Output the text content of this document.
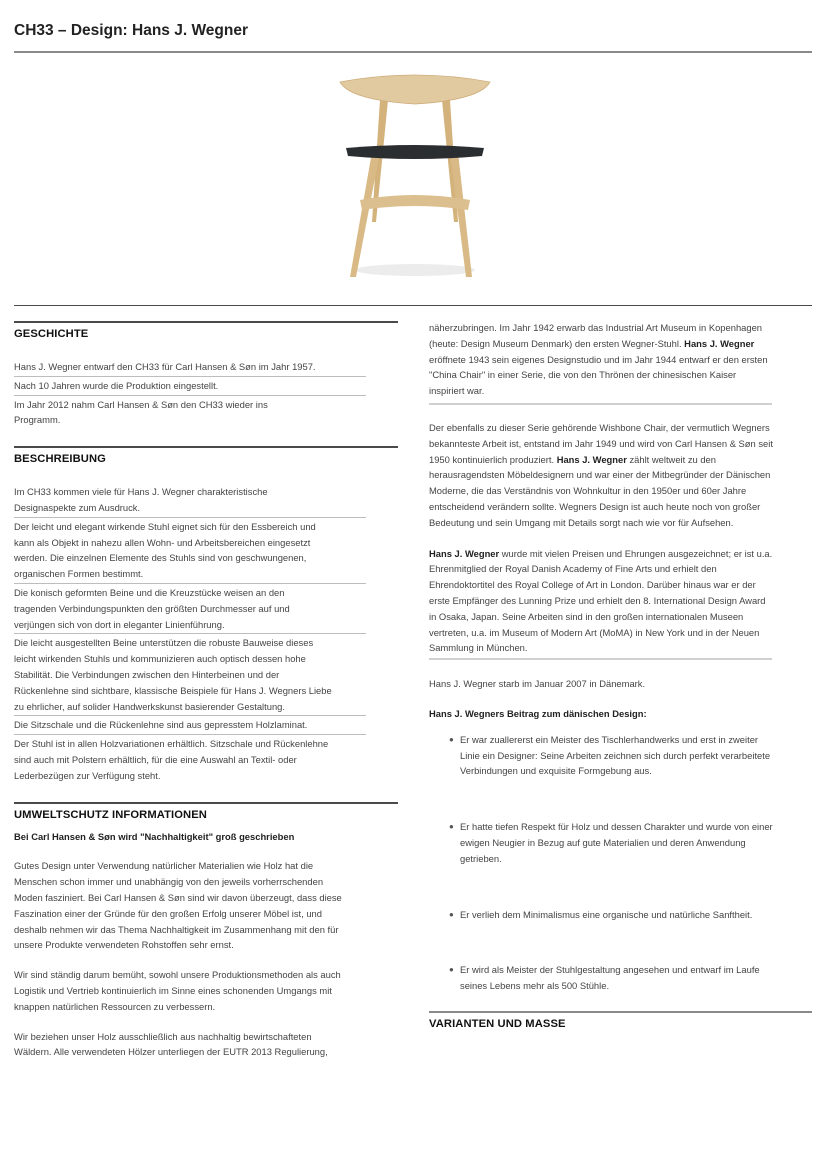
CH33 – Design: Hans J. Wegner
GESCHICHTE

Hans J. Wegner entwarf den CH33 für Carl Hansen & Søn im Jahr 1957.

Nach 10 Jahren wurde die Produktion eingestellt.

Im Jahr 2012 nahm Carl Hansen & Søn den CH33 wieder ins Programm.

BESCHREIBUNG

Im CH33 kommen viele für Hans J. Wegner charakteristische Designaspekte zum Ausdruck.

Der leicht und elegant wirkende Stuhl eignet sich für den Essbereich und kann als Objekt in nahezu allen Wohn- und Arbeitsbereichen eingesetzt werden. Die einzelnen Elemente des Stuhls sind von geschwungenen, organischen Formen bestimmt.

Die konisch geformten Beine und die Kreuzstücke weisen an den tragenden Verbindungspunkten den größten Durchmesser auf und verjüngen sich von dort in eleganter Linienführung.

Die leicht ausgestellten Beine unterstützen die robuste Bauweise dieses leicht wirkenden Stuhls und kommunizieren auch optisch dessen hohe Stabilität. Die Verbindungen zwischen den Hinterbeinen und der Rückenlehne sind sichtbare, klassische Beispiele für Hans J. Wegners Liebe zu ehrlicher, auf solider Handwerkskunst basierender Gestaltung.

Die Sitzschale und die Rückenlehne sind aus gepresstem Holzlaminat.

Der Stuhl ist in allen Holzvariationen erhältlich. Sitzschale und Rückenlehne sind auch mit Polstern erhältlich, für die eine Auswahl an Textil- oder Lederbezügen zur Verfügung steht.

UMWELTSCHUTZ INFORMATIONEN

Bei Carl Hansen & Søn wird "Nachhaltigkeit" groß geschrieben

Gutes Design unter Verwendung natürlicher Materialien wie Holz hat die Menschen schon immer und unabhängig von den jeweils vorherrschenden Moden fasziniert. Bei Carl Hansen & Søn sind wir davon überzeugt, dass diese Faszination einer der Gründe für den großen Erfolg unserer Möbel ist, und deshalb nehmen wir das Thema Nachhaltigkeit im Zusammenhang mit den für unsere Produkte verwendeten Rohstoffen sehr ernst.

Wir sind ständig darum bemüht, sowohl unsere Produktionsmethoden als auch Logistik und Vertrieb kontinuierlich im Sinne eines schonenden Umgangs mit knappen natürlichen Ressourcen zu verbessern.

Wir beziehen unser Holz ausschließlich aus nachhaltig bewirtschafteten Wäldern. Alle verwendeten Hölzer unterliegen der EUTR 2013 Regulierung,

näherzubringen. Im Jahr 1942 erwarb das Industrial Art Museum in Kopenhagen (heute: Design Museum Denmark) den ersten Wegner-Stuhl. Hans J. Wegner eröffnete 1943 sein eigenes Designstudio und im Jahr 1944 entwarf er den ersten "China Chair" in einer Serie, die von den Thrönen der chinesischen Kaiser inspiriert war.

Der ebenfalls zu dieser Serie gehörende Wishbone Chair, der vermutlich Wegners bekannteste Arbeit ist, entstand im Jahr 1949 und wird von Carl Hansen & Søn seit 1950 kontinuierlich produziert. Hans J. Wegner zählt weltweit zu den herausragendsten Möbeldesignern und war einer der Mitbegründer der Dänischen Moderne, die das Verständnis von Wohnkultur in den 1950er und 60er Jahre entscheidend verändern sollte. Wegners Design ist auch heute noch von großer Bedeutung und sein Umgang mit Details sorgt nach wie vor für Aufsehen.

Hans J. Wegner wurde mit vielen Preisen und Ehrungen ausgezeichnet; er ist u.a. Ehrenmitglied der Royal Danish Academy of Fine Arts und erhielt den Ehrendoktortitel des Royal College of Art in London. Darüber hinaus war er der erste Empfänger des Lunning Prize und erhielt den 8. International Design Award in Osaka, Japan. Seine Arbeiten sind in den großen internationalen Museen vertreten, u.a. im Museum of Modern Art (MoMA) in New York und in der Neuen Sammlung in München.

Hans J. Wegner starb im Januar 2007 in Dänemark.

Hans J. Wegners Beitrag zum dänischen Design:

● Er war zuallererst ein Meister des Tischlerhandwerks und erst in zweiter Linie ein Designer: Seine Arbeiten zeichnen sich durch perfekt verarbeitete Verbindungen und exquisite Formgebung aus.
● Er hatte tiefen Respekt für Holz und dessen Charakter und wurde von einer ewigen Neugier in Bezug auf gute Materialien und deren Anwendung getrieben.
● Er verlieh dem Minimalismus eine organische und natürliche Sanftheit.
● Er wird als Meister der Stuhlgestaltung angesehen und entwarf im Laufe seines Lebens mehr als 500 Stühle.
VARIANTEN UND MASSE
